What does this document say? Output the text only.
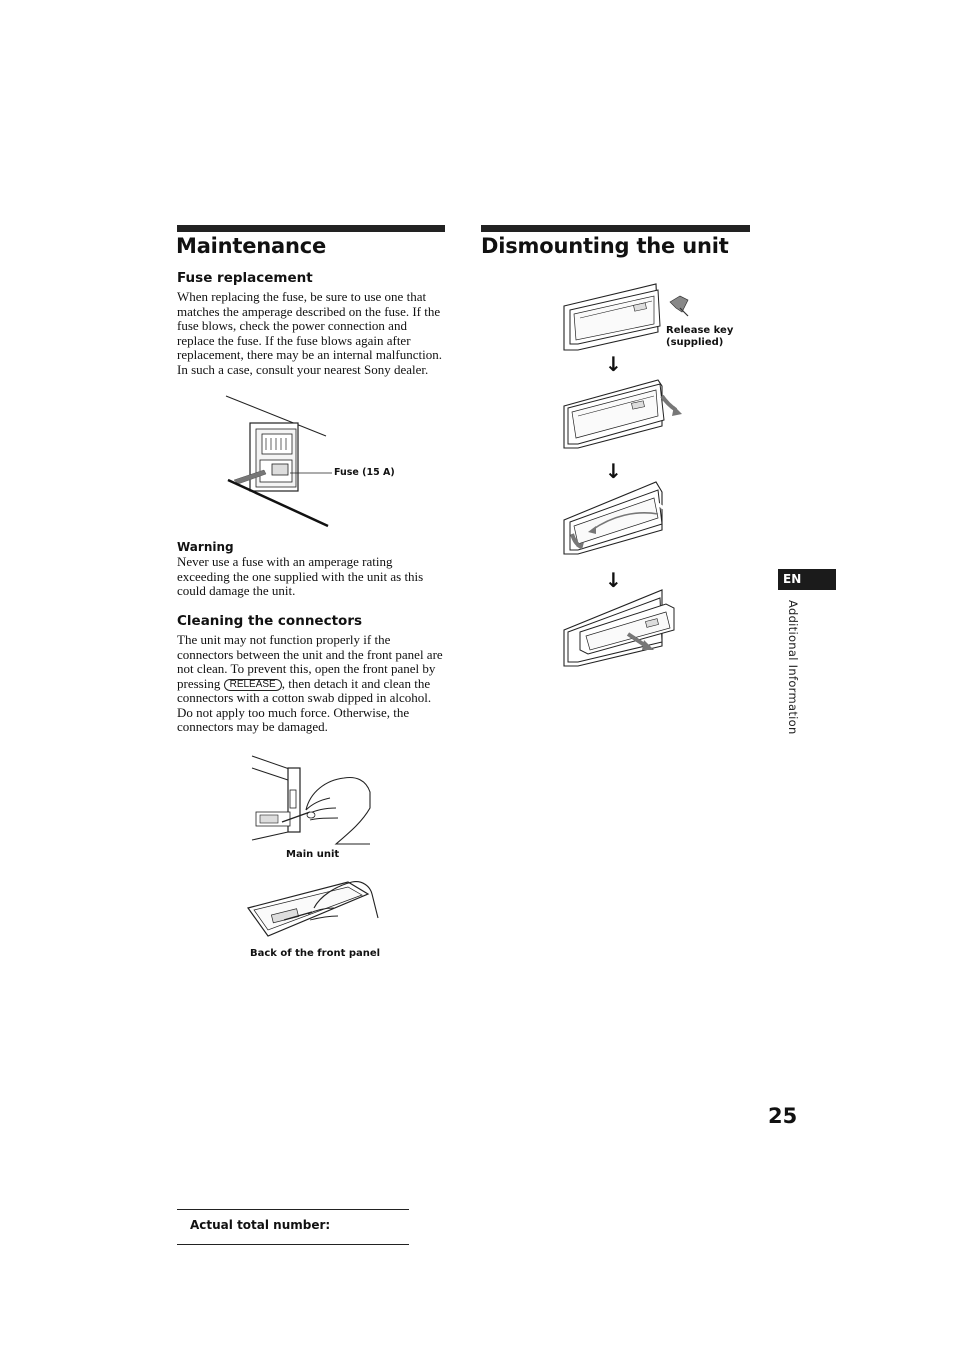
Maintenance
Fuse replacement

When replacing the fuse, be sure to use one that matches the amperage described on the fuse. If the fuse blows, check the power connection and replace the fuse. If the fuse blows again after replacement, there may be an internal malfunction. In such a case, consult your nearest Sony dealer.

Fuse (15 A)
Warning

Never use a fuse with an amperage rating exceeding the one supplied with the unit as this could damage the unit.

Cleaning the connectors

The unit may not function properly if the connectors between the unit and the front panel are not clean. To prevent this, open the front panel by pressing RELEASE , then detach it and clean the connectors with a cotton swab dipped in alcohol. Do not apply too much force. Otherwise, the connectors may be damaged.

Main unit
Back of the front panel
Dismounting the unit
Release key (supplied)
↓
↓
↓	EN
Additional Information
25
Actual total number:
